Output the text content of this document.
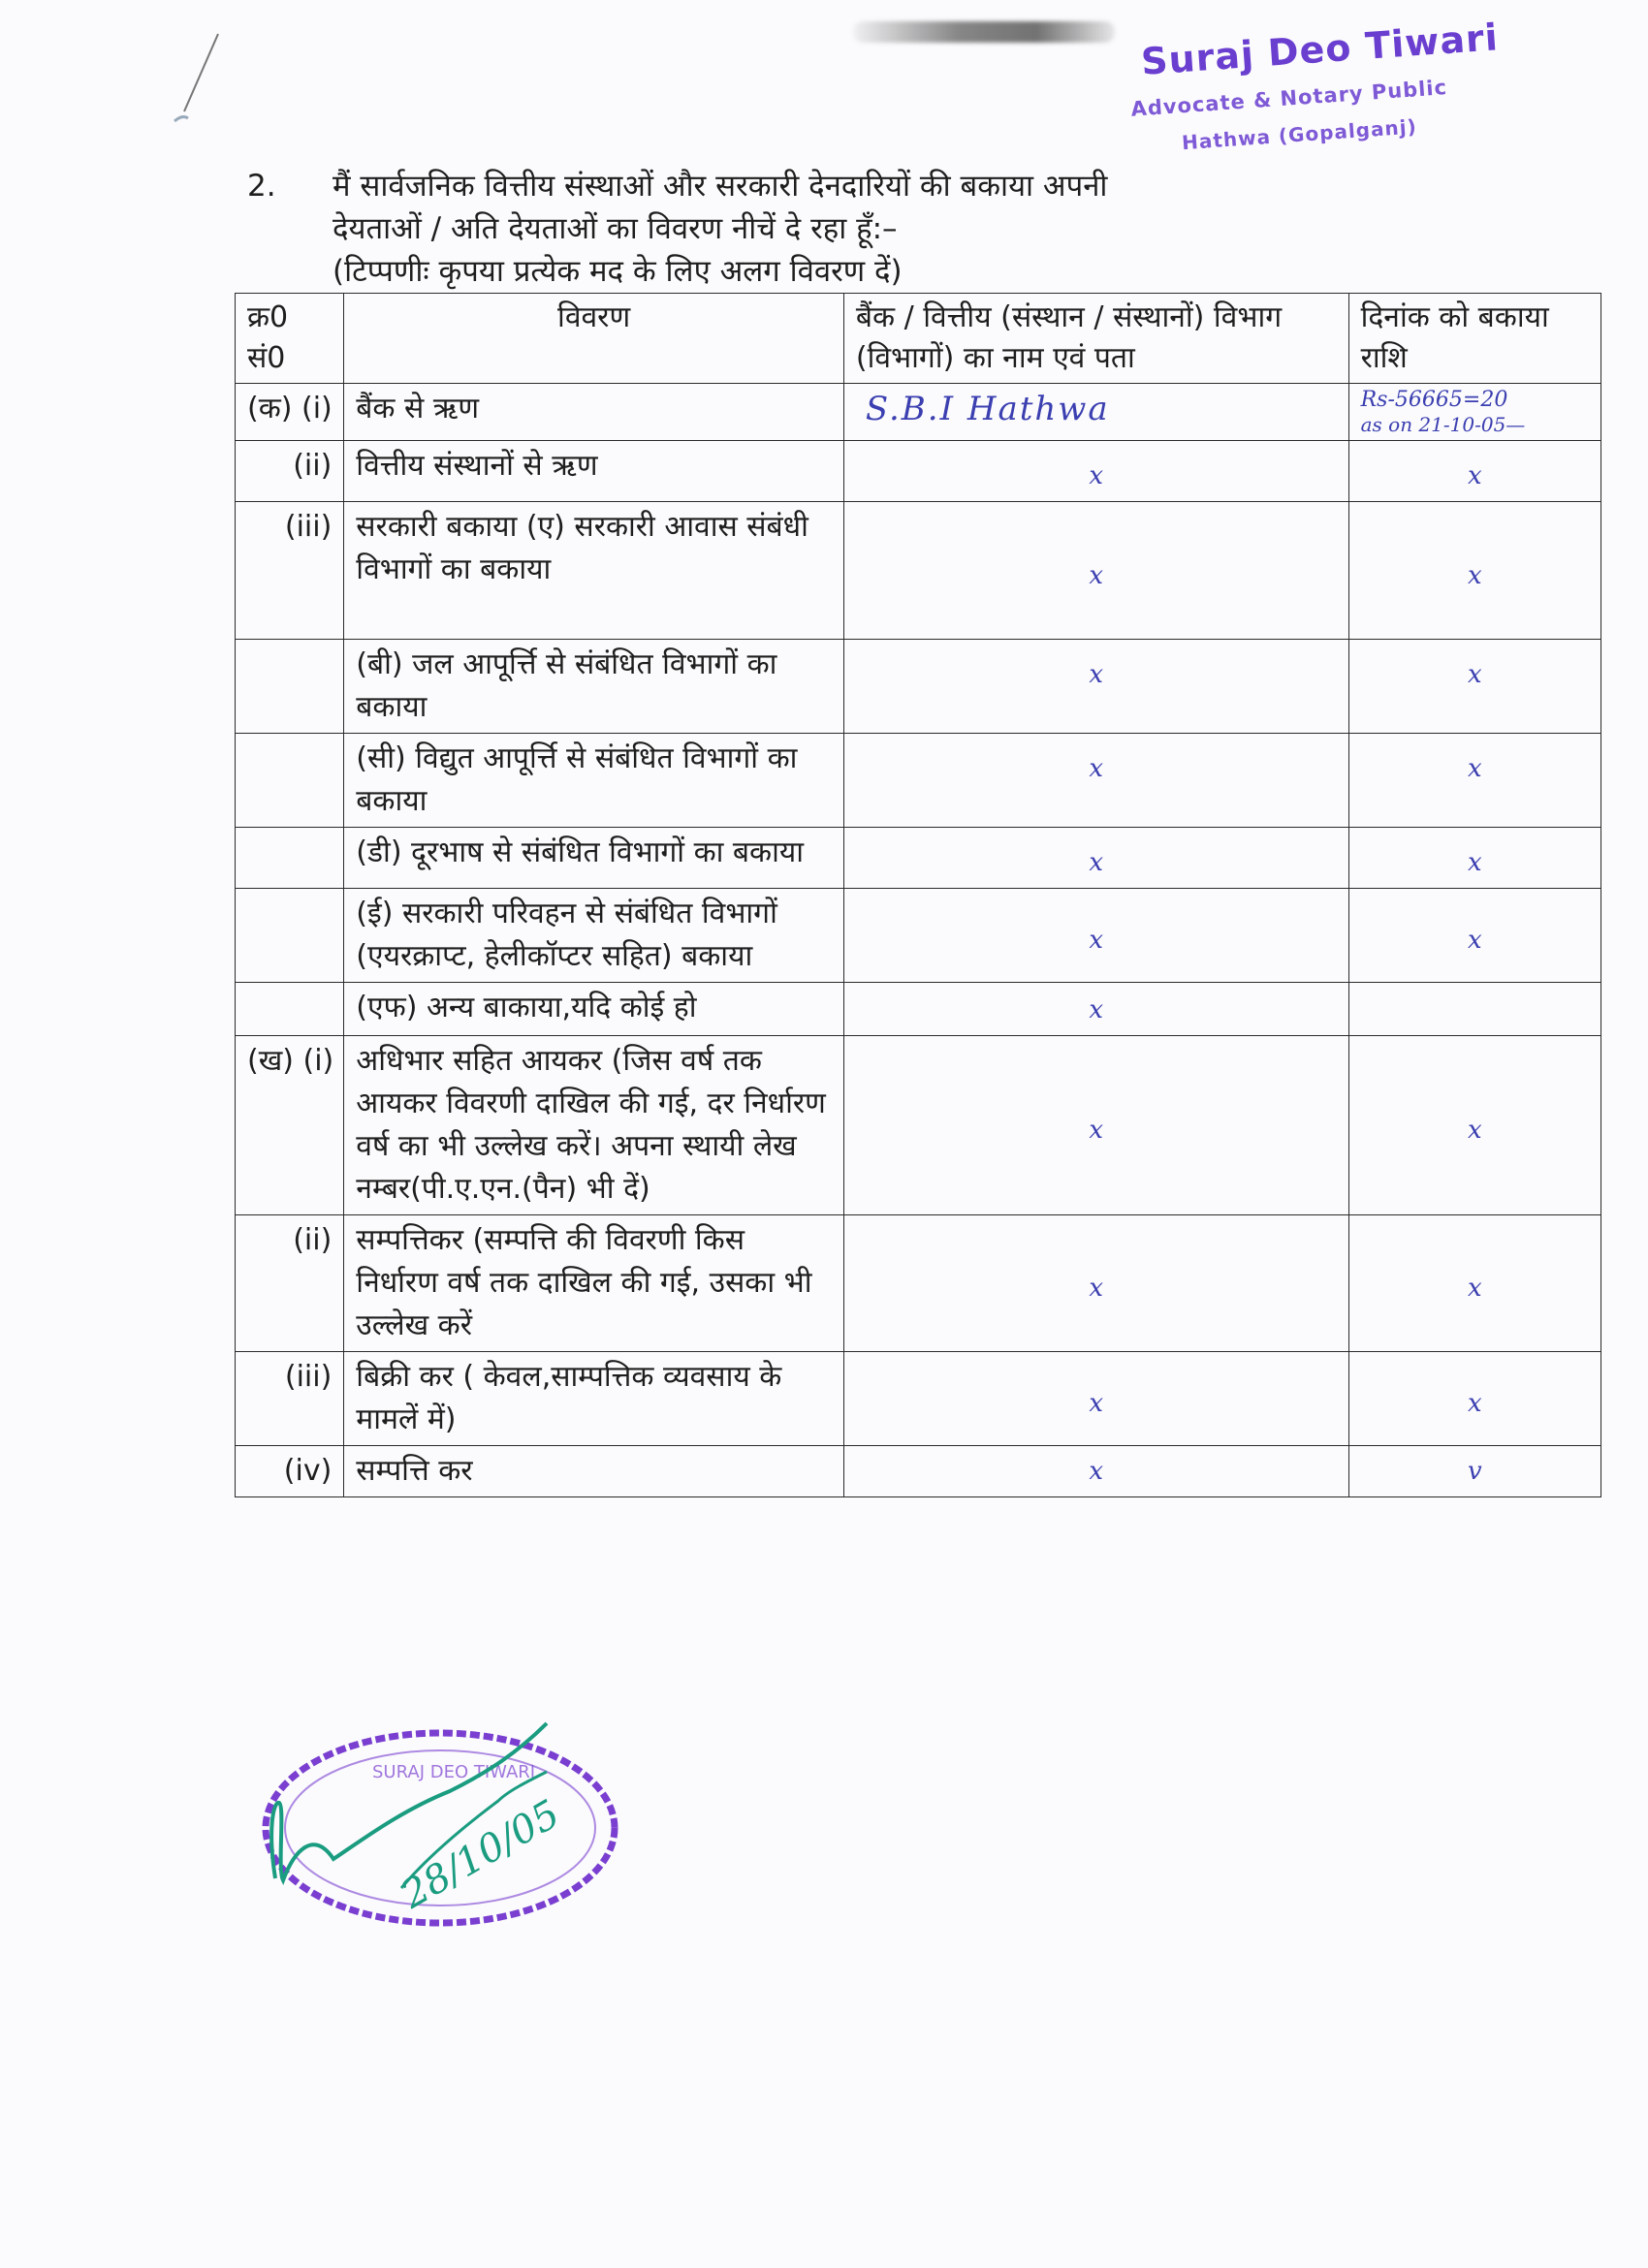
Suraj Deo Tiwari
Advocate & Notary Public
Hathwa (Gopalganj)
2. मैं सार्वजनिक वित्तीय संस्थाओं और सरकारी देनदारियों की बकाया अपनी
देयताओं / अति देयताओं का विवरण नीचें दे रहा हूँ:–
(टिप्पणीः कृपया प्रत्येक मद के लिए अलग विवरण दें)
क्र0 सं0	विवरण	बैंक / वित्तीय (संस्थान / संस्थानों) विभाग (विभागों) का नाम एवं पता	दिनांक को बकाया राशि
(क) (i)	बैंक से ऋण	S.B.I Hathwa	Rs-56665=20
as on 21-10-05—

(ii)	वित्तीय संस्थानों से ऋण	x	x

(iii)	सरकारी बकाया (ए) सरकारी आवास संबंधी विभागों का बकाया	x	x

	(बी) जल आपूर्त्ति से संबंधित विभागों का बकाया	x	x

	(सी) विद्युत आपूर्त्ति से संबंधित विभागों का बकाया	x	x

	(डी) दूरभाष से संबंधित विभागों का बकाया	x	x

	(ई) सरकारी परिवहन से संबंधित विभागों (एयरक्राप्ट, हेलीकॉप्टर सहित) बकाया	x	x

	(एफ) अन्य बाकाया,यदि कोई हो	x	

(ख) (i)	अधिभार सहित आयकर (जिस वर्ष तक आयकर विवरणी दाखिल की गई, दर निर्धारण वर्ष का भी उल्लेख करें। अपना स्थायी लेख नम्बर(पी.ए.एन.(पैन) भी दें)	x	x

(ii)	सम्पत्तिकर (सम्पत्ति की विवरणी किस निर्धारण वर्ष तक दाखिल की गई, उसका भी उल्लेख करें	x	x

(iii)	बिक्री कर ( केवल,साम्पत्तिक व्यवसाय के मामलें में)	x	x

(iv)	सम्पत्ति कर	x	v
SURAJ DEO TIWARI
28/10/05
